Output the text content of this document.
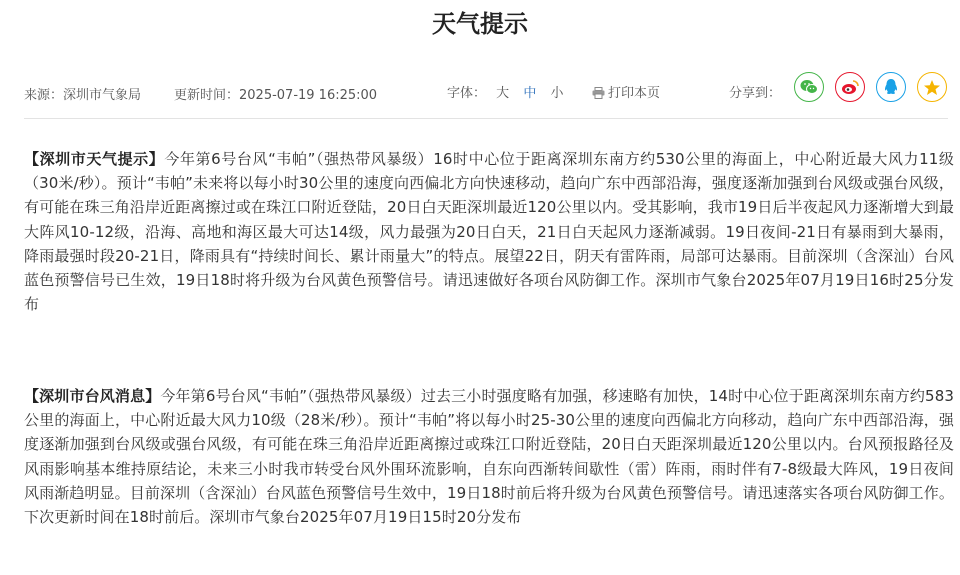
天气提示
来源：深圳市气象局	更新时间：2025-07-19 16:25:00	字体： 大 中 小	打印本页	分享到：
【深圳市天气提示】今年第6号台风“韦帕”（强热带风暴级）16时中心位于距离深圳东南方约530公里的海面上，中心附近最大风力11级（30米/秒）。预计“韦帕”未来将以每小时30公里的速度向西偏北方向快速移动，趋向广东中西部沿海，强度逐渐加强到台风级或强台风级，有可能在珠三角沿岸近距离擦过或在珠江口附近登陆，20日白天距深圳最近120公里以内。受其影响，我市19日后半夜起风力逐渐增大到最大阵风10-12级，沿海、高地和海区最大可达14级，风力最强为20日白天，21日白天起风力逐渐减弱。19日夜间-21日有暴雨到大暴雨，降雨最强时段20-21日，降雨具有“持续时间长、累计雨量大”的特点。展望22日，阴天有雷阵雨，局部可达暴雨。目前深圳（含深汕）台风蓝色预警信号已生效，19日18时将升级为台风黄色预警信号。请迅速做好各项台风防御工作。深圳市气象台2025年07月19日16时25分发布
【深圳市台风消息】今年第6号台风“韦帕”（强热带风暴级）过去三小时强度略有加强，移速略有加快，14时中心位于距离深圳东南方约583公里的海面上，中心附近最大风力10级（28米/秒）。预计“韦帕”将以每小时25-30公里的速度向西偏北方向移动，趋向广东中西部沿海，强度逐渐加强到台风级或强台风级，有可能在珠三角沿岸近距离擦过或珠江口附近登陆，20日白天距深圳最近120公里以内。台风预报路径及风雨影响基本维持原结论，未来三小时我市转受台风外围环流影响，自东向西渐转间歇性（雷）阵雨，雨时伴有7-8级最大阵风，19日夜间风雨渐趋明显。目前深圳（含深汕）台风蓝色预警信号生效中，19日18时前后将升级为台风黄色预警信号。请迅速落实各项台风防御工作。下次更新时间在18时前后。深圳市气象台2025年07月19日15时20分发布
